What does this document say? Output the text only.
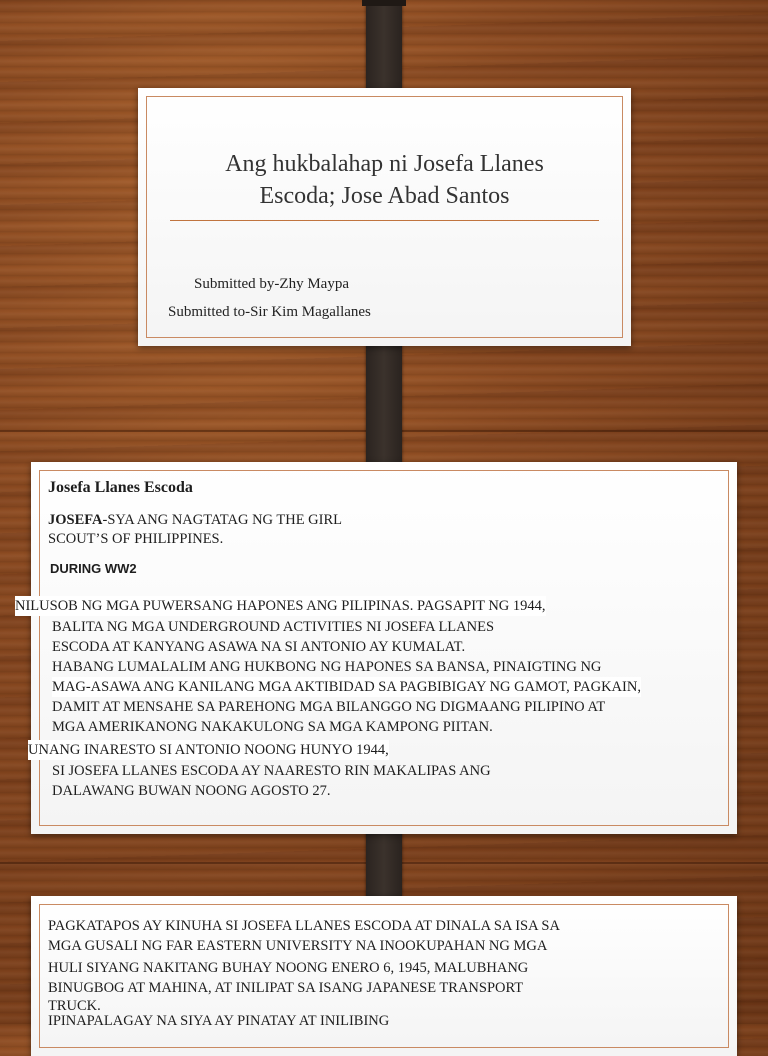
Ang hukbalahap ni Josefa Llanes
Escoda; Jose Abad Santos
Submitted by-Zhy Maypa
Submitted to-Sir Kim Magallanes
Josefa Llanes Escoda
JOSEFA-SYA ANG NAGTATAG NG THE GIRL
SCOUT’S OF PHILIPPINES.
DURING WW2
NILUSOB NG MGA PUWERSANG HAPONES ANG PILIPINAS. PAGSAPIT NG 1944,
BALITA NG MGA UNDERGROUND ACTIVITIES NI JOSEFA LLANES
ESCODA AT KANYANG ASAWA NA SI ANTONIO AY KUMALAT.
HABANG LUMALALIM ANG HUKBONG NG HAPONES SA BANSA, PINAIGTING NG
MAG-ASAWA ANG KANILANG MGA AKTIBIDAD SA PAGBIBIGAY NG GAMOT, PAGKAIN,
DAMIT AT MENSAHE SA PAREHONG MGA BILANGGO NG DIGMAANG PILIPINO AT
MGA AMERIKANONG NAKAKULONG SA MGA KAMPONG PIITAN.
UNANG INARESTO SI ANTONIO NOONG HUNYO 1944,
SI JOSEFA LLANES ESCODA AY NAARESTO RIN MAKALIPAS ANG
DALAWANG BUWAN NOONG AGOSTO 27.
PAGKATAPOS AY KINUHA SI JOSEFA LLANES ESCODA AT DINALA SA ISA SA
MGA GUSALI NG FAR EASTERN UNIVERSITY NA INOOKUPAHAN NG MGA
HULI SIYANG NAKITANG BUHAY NOONG ENERO 6, 1945, MALUBHANG
BINUGBOG AT MAHINA, AT INILIPAT SA ISANG JAPANESE TRANSPORT
TRUCK.
IPINAPALAGAY NA SIYA AY PINATAY AT INILIBING
